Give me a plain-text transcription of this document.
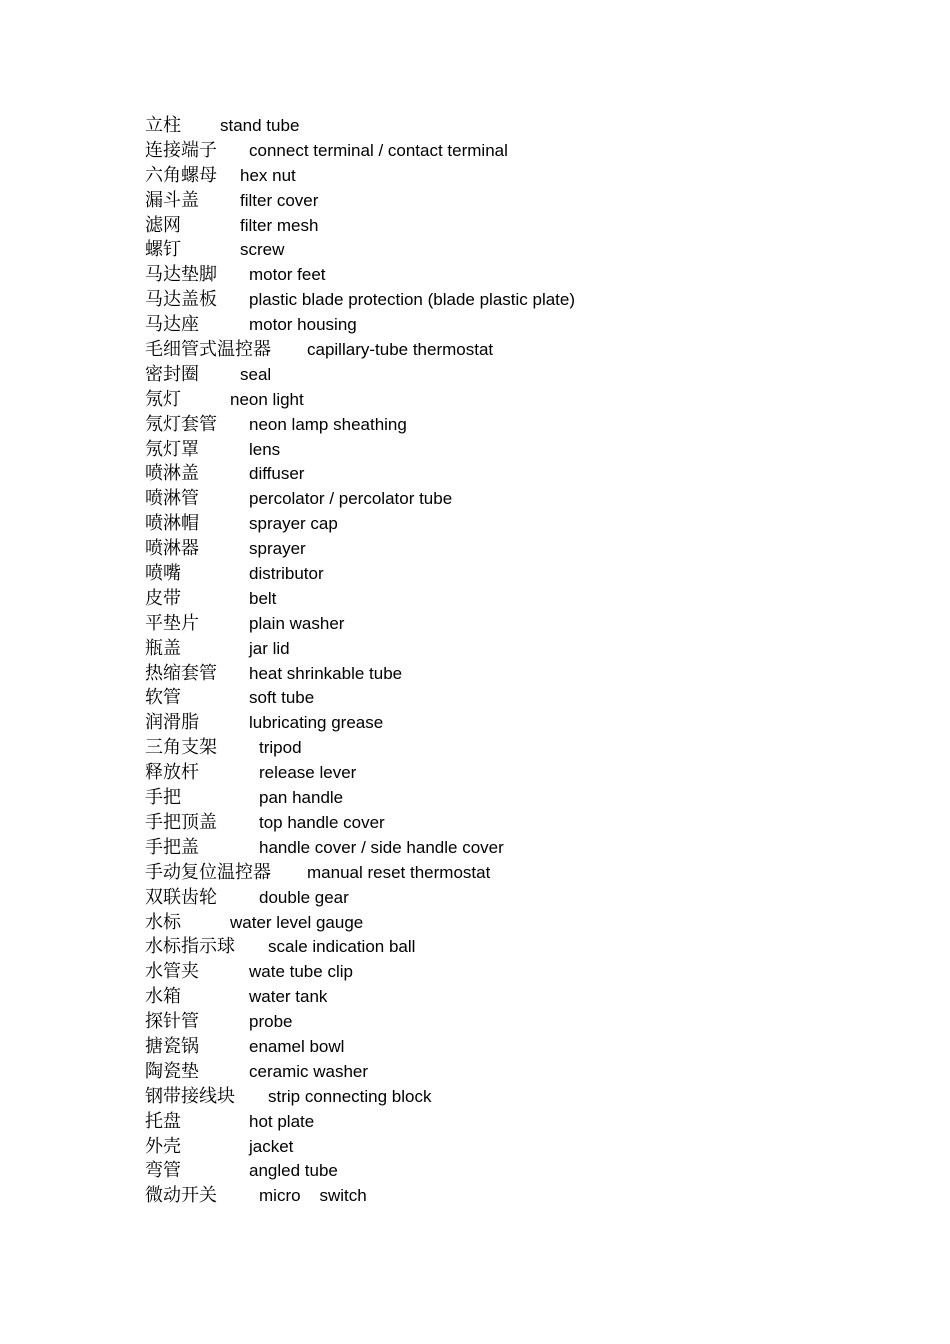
立柱 stand tube
连接端子 connect terminal / contact terminal
六角螺母 hex nut
漏斗盖 filter cover
滤网	filter mesh
螺钉	screw
马达垫脚 motor feet
马达盖板 plastic blade protection (blade plastic plate)
马达座	motor housing
毛细管式温控器 capillary-tube thermostat
密封圈 seal
氖灯	neon light
氖灯套管 neon lamp sheathing
氖灯罩	lens
喷淋盖	diffuser
喷淋管	percolator / percolator tube
喷淋帽	sprayer cap
喷淋器	sprayer
喷嘴	distributor
皮带	belt
平垫片	plain washer
瓶盖	jar lid
热缩套管 heat shrinkable tube
软管	soft tube
润滑脂	lubricating grease
三角支架 tripod
释放杆	release lever
手把	pan handle
手把顶盖 top handle cover
手把盖	handle cover / side handle cover
手动复位温控器 manual reset thermostat
双联齿轮 double gear
水标	water level gauge
水标指示球 scale indication ball
水管夹	wate tube clip
水箱	water tank
探针管	probe
搪瓷锅	enamel bowl
陶瓷垫	ceramic washer
钢带接线块 strip connecting block
托盘	hot plate
外壳	jacket
弯管	angled tube
微动开关 micro    switch
